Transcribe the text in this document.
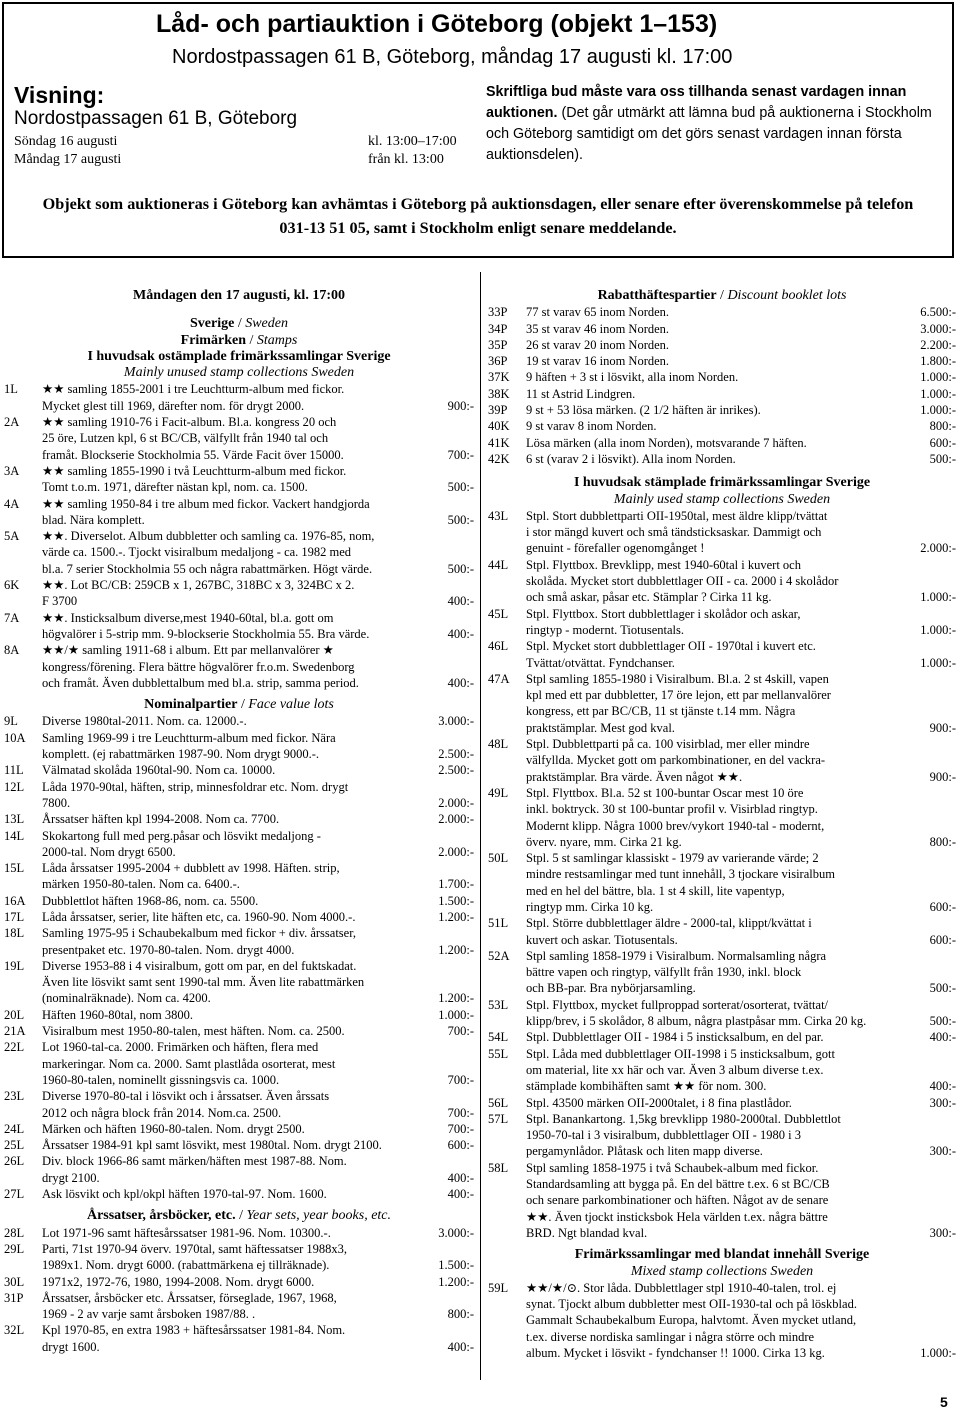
Låd- och partiauktion i Göteborg (objekt 1–153)
Nordostpassagen 61 B, Göteborg, måndag 17 augusti kl. 17:00
Visning:
Nordostpassagen 61 B, Göteborg
Söndag 16 augusti	kl. 13:00–17:00
Måndag 17 augusti	från kl. 13:00
Skriftliga bud måste vara oss tillhanda senast vardagen innan auktionen. (Det går utmärkt att lämna bud på auktionerna i Stockholm och Göteborg samtidigt om det görs senast vardagen innan första auktionsdelen).
Objekt som auktioneras i Göteborg kan avhämtas i Göteborg på auktionsdagen, eller senare efter överenskommelse på telefon 031-13 51 05, samt i Stockholm enligt senare meddelande.
Måndagen den 17 augusti, kl. 17:00
Sverige / Sweden
Frimärken / Stamps
I huvudsak ostämplade frimärkssamlingar Sverige
Mainly unused stamp collections Sweden
1L	★★ samling 1855-2001 i tre Leuchtturm-album med fickor.
Mycket glest till 1969, därefter nom. för drygt 2000.	900:-
2A	★★ samling 1910-76 i Facit-album. Bl.a. kongress 20 och
25 öre, Lutzen kpl, 6 st BC/CB, välfyllt från 1940 tal och
framåt. Blockserie Stockholmia 55. Värde Facit över 15000.	700:-
3A	★★ samling 1855-1990 i två Leuchtturm-album med fickor.
Tomt t.o.m. 1971, därefter nästan kpl, nom. ca. 1500.	500:-
4A	★★ samling 1950-84 i tre album med fickor. Vackert handgjorda
blad. Nära komplett.	500:-
5A	★★. Diverselot. Album dubbletter och samling ca. 1976-85, nom,
värde ca. 1500.-. Tjockt visiralbum medaljong - ca. 1982 med
bl.a. 7 serier Stockholmia 55 och några rabattmärken. Högt värde.	500:-
6K	★★. Lot BC/CB: 259CB x 1, 267BC, 318BC x 3, 324BC x 2.
F 3700	400:-
7A	★★. Insticksalbum diverse,mest 1940-60tal, bl.a. gott om
högvalörer i 5-strip mm. 9-blockserie Stockholmia 55. Bra värde.	400:-
8A	★★/★ samling 1911-68 i album. Ett par mellanvalörer ★
kongress/förening. Flera bättre högvalörer fr.o.m. Swedenborg
och framåt. Även dubblettalbum med bl.a. strip, samma period.	400:-
Nominalpartier / Face value lots
9L	Diverse 1980tal-2011. Nom. ca. 12000.-.	3.000:-
10A	Samling 1969-99 i tre Leuchtturm-album med fickor. Nära
komplett. (ej rabattmärken 1987-90. Nom drygt 9000.-.	2.500:-
11L	Välmatad skolåda 1960tal-90. Nom ca. 10000.	2.500:-
12L	Låda 1970-90tal, häften, strip, minnesfoldrar etc. Nom. drygt
7800.	2.000:-
13L	Årssatser häften kpl 1994-2008. Nom ca. 7700.	2.000:-
14L	Skokartong full med perg.påsar och lösvikt medaljong -
2000-tal. Nom drygt 6500.	2.000:-
15L	Låda årssatser 1995-2004 + dubblett av 1998. Häften. strip,
märken 1950-80-talen. Nom ca. 6400.-.	1.700:-
16A	Dubblettlot häften 1968-86, nom. ca. 5500.	1.500:-
17L	Låda årssatser, serier, lite häften etc, ca. 1960-90. Nom 4000.-.	1.200:-
18L	Samling 1975-95 i Schaubekalbum med fickor + div. årssatser,
presentpaket etc. 1970-80-talen. Nom. drygt 4000.	1.200:-
19L	Diverse 1953-88 i 4 visiralbum, gott om par, en del fuktskadat.
Även lite lösvikt samt sent 1990-tal mm. Även lite rabattmärken
(nominalräknade). Nom ca. 4200.	1.200:-
20L	Häften 1960-80tal, nom 3800.	1.000:-
21A	Visiralbum mest 1950-80-talen, mest häften. Nom. ca. 2500.	700:-
22L	Lot 1960-tal-ca. 2000. Frimärken och häften, flera med
markeringar. Nom ca. 2000. Samt plastlåda osorterat, mest
1960-80-talen, nominellt gissningsvis ca. 1000.	700:-
23L	Diverse 1970-80-tal i lösvikt och i årssatser. Även årssats
2012 och några block från 2014. Nom.ca. 2500.	700:-
24L	Märken och häften 1960-80-talen. Nom. drygt 2500.	700:-
25L	Årssatser 1984-91 kpl samt lösvikt, mest 1980tal. Nom. drygt 2100.	600:-
26L	Div. block 1966-86 samt märken/häften mest 1987-88. Nom.
drygt 2100.	400:-
27L	Ask lösvikt och kpl/okpl häften 1970-tal-97. Nom. 1600.	400:-
Årssatser, årsböcker, etc. / Year sets, year books, etc.
28L	Lot 1971-96 samt häftesårssatser 1981-96. Nom. 10300.-.	3.000:-
29L	Parti, 71st 1970-94 överv. 1970tal, samt häftessatser 1988x3,
1989x1. Nom. drygt 6000. (rabattmärkena ej tillräknade).	1.500:-
30L	1971x2, 1972-76, 1980, 1994-2008. Nom. drygt 6000.	1.200:-
31P	Årssatser, årsböcker etc. Årssatser, förseglade, 1967, 1968,
1969 - 2 av varje samt årsboken 1987/88. .	800:-
32L	Kpl 1970-85, en extra 1983 + häftesårssatser 1981-84. Nom.
drygt 1600.	400:-
Rabatthäftespartier / Discount booklet lots
33P	77 st varav 65 inom Norden.	6.500:-
34P	35 st varav 46 inom Norden.	3.000:-
35P	26 st varav 20 inom Norden.	2.200:-
36P	19 st varav 16 inom Norden.	1.800:-
37K	9 häften + 3 st i lösvikt, alla inom Norden.	1.000:-
38K	11 st Astrid Lindgren.	1.000:-
39P	9 st + 53 lösa märken. (2 1/2 häften är inrikes).	1.000:-
40K	9 st varav 8 inom Norden.	800:-
41K	Lösa märken (alla inom Norden), motsvarande 7 häften.	600:-
42K	6 st (varav 2 i lösvikt). Alla inom Norden.	500:-
I huvudsak stämplade frimärkssamlingar Sverige
Mainly used stamp collections Sweden
43L	Stpl. Stort dubblettparti OII-1950tal, mest äldre klipp/tvättat
i stor mängd kuvert och små tändsticksaskar. Dammigt och
genuint - förefaller ogenomgånget !	2.000:-
44L	Stpl. Flyttbox. Brevklipp, mest 1940-60tal i kuvert och
skolåda. Mycket stort dubblettlager OII - ca. 2000 i 4 skolådor
och små askar, påsar etc. Stämplar ? Cirka 11 kg.	1.000:-
45L	Stpl. Flyttbox. Stort dubblettlager i skolådor och askar,
ringtyp - modernt. Tiotusentals.	1.000:-
46L	Stpl. Mycket stort dubblettlager OII - 1970tal i kuvert etc.
Tvättat/otvättat. Fyndchanser.	1.000:-
47A	Stpl samling 1855-1980 i Visiralbum. Bl.a. 2 st 4skill, vapen
kpl med ett par dubbletter, 17 öre lejon, ett par mellanvalörer
kongress, ett par BC/CB, 11 st tjänste t.14 mm. Några
praktstämplar. Mest god kval.	900:-
48L	Stpl. Dubblettparti på ca. 100 visirblad, mer eller mindre
välfyllda. Mycket gott om parkombinationer, en del vackra-
praktstämplar. Bra värde. Även något ★★.	900:-
49L	Stpl. Flyttbox. Bl.a. 52 st 100-buntar Oscar mest 10 öre
inkl. boktryck. 30 st 100-buntar profil v. Visirblad ringtyp.
Modernt klipp. Några 1000 brev/vykort 1940-tal - modernt,
överv. nyare, mm. Cirka 21 kg.	800:-
50L	Stpl. 5 st samlingar klassiskt - 1979 av varierande värde; 2
mindre restsamlingar med tunt innehåll, 3 tjockare visiralbum
med en hel del bättre, bla. 1 st 4 skill, lite vapentyp,
ringtyp mm. Cirka 10 kg.	600:-
51L	Stpl. Större dubblettlager äldre - 2000-tal, klippt/kvättat i
kuvert och askar. Tiotusentals.	600:-
52A	Stpl samling 1858-1979 i Visiralbum. Normalsamling några
bättre vapen och ringtyp, välfyllt från 1930, inkl. block
och BB-par. Bra nybörjarsamling.	500:-
53L	Stpl. Flyttbox, mycket fullproppad sorterat/osorterat, tvättat/
klipp/brev, i 5 skolådor, 8 album, några plastpåsar mm. Cirka 20 kg.	500:-
54L	Stpl. Dubblettlager OII - 1984 i 5 insticksalbum, en del par.	400:-
55L	Stpl. Låda med dubblettlager OII-1998 i 5 insticksalbum, gott
om material, lite xx här och var. Även 3 album diverse t.ex.
stämplade kombihäften samt ★★ för nom. 300.	400:-
56L	Stpl. 43500 märken OII-2000talet, i 8 fina plastlådor.	300:-
57L	Stpl. Banankartong. 1,5kg brevklipp 1980-2000tal. Dubblettlot
1950-70-tal i 3 visiralbum, dubblettlager OII - 1980 i 3
pergamynlådor. Plåtask och liten mapp diverse.	300:-
58L	Stpl samling 1858-1975 i två Schaubek-album med fickor.
Standardsamling att bygga på. En del bättre t.ex. 6 st BC/CB
och senare parkombinationer och häften. Något av de senare
★★. Även tjockt insticksbok Hela världen t.ex. några bättre
BRD. Ngt blandad kval.	300:-
Frimärkssamlingar med blandat innehåll Sverige
Mixed stamp collections Sweden
59L	★★/★/⊙. Stor låda. Dubblettlager stpl 1910-40-talen, trol. ej
synat. Tjockt album dubbletter mest OII-1930-tal och på löskblad.
Gammalt Schaubekalbum Europa, halvtomt. Även mycket utland,
t.ex. diverse nordiska samlingar i några större och mindre
album. Mycket i lösvikt - fyndchanser !! 1000. Cirka 13 kg.	1.000:-
5
